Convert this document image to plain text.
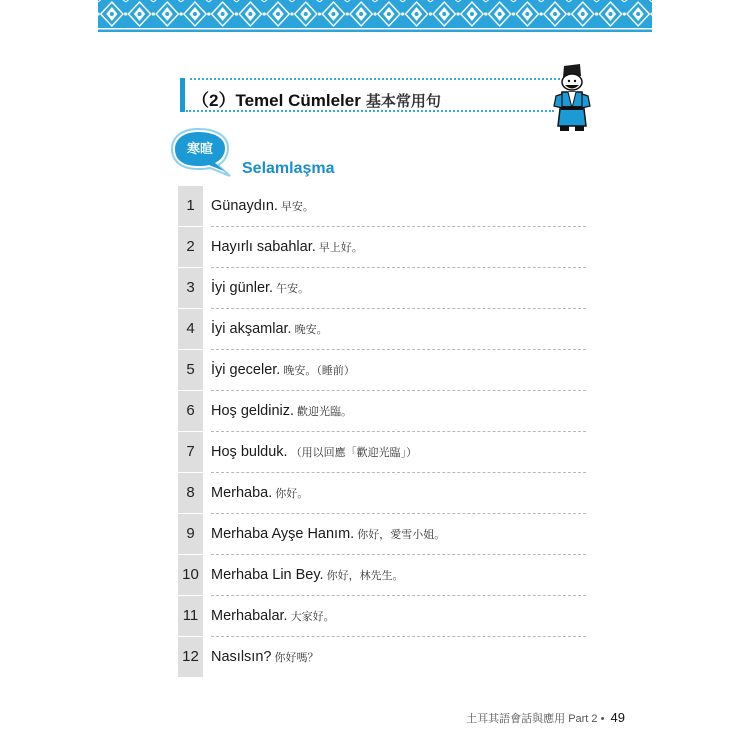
（2）Temel Cümleler 基本常用句
寒暄
Selamlaşma
1	Günaydın. 早安。
2	Hayırlı sabahlar. 早上好。
3	İyi günler. 午安。
4	İyi akşamlar. 晚安。
5	İyi geceler. 晚安。（睡前）
6	Hoş geldiniz. 歡迎光臨。
7	Hoş bulduk. （用以回應「歡迎光臨」）
8	Merhaba. 你好。
9	Merhaba Ayşe Hanım. 你好，愛雪小姐。
10 Merhaba Lin Bey. 你好，林先生。
11 Merhabalar. 大家好。
12 Nasılsın? 你好嗎？
土耳其語會話與應用 Part 2 • 49
